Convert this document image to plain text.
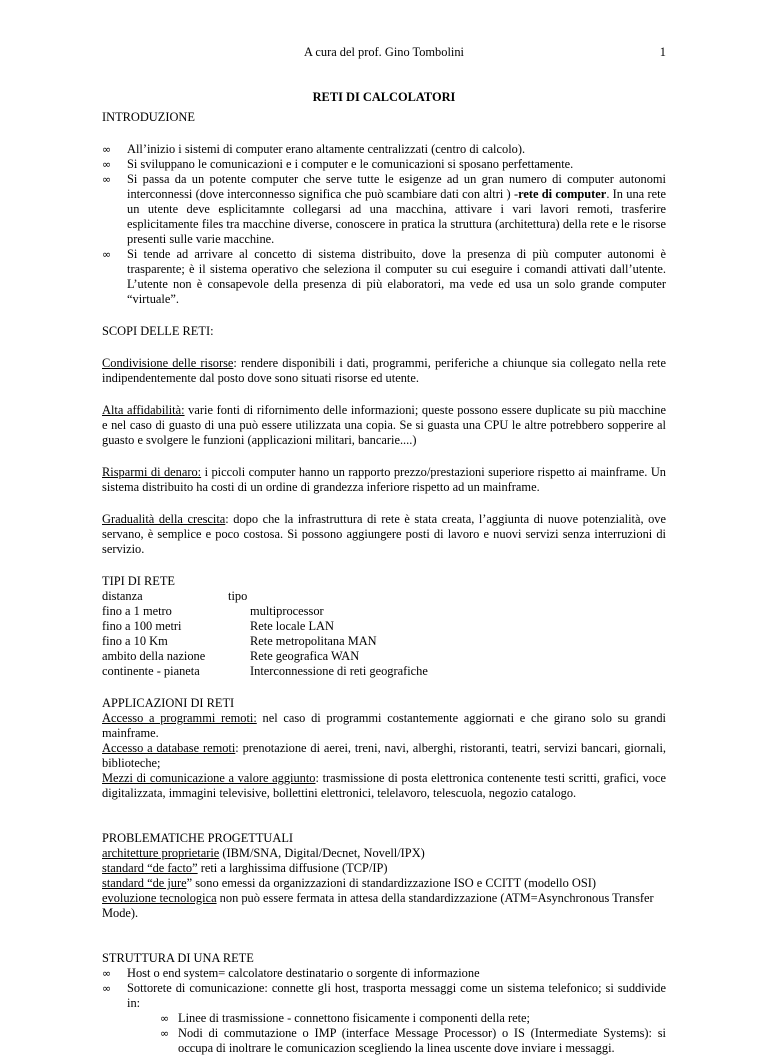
A cura del prof. Gino Tombolini	1
RETI DI CALCOLATORI

INTRODUZIONE

∞	All’inizio i sistemi di computer erano altamente centralizzati (centro di calcolo).
∞	Si sviluppano le comunicazioni e i computer e le comunicazioni si sposano perfettamente.
∞	Si passa da un potente computer che serve tutte le esigenze ad un gran numero di computer autonomi interconnessi (dove interconnesso significa che può scambiare dati con altri ) -rete di computer. In una rete un utente deve esplicitamnte collegarsi ad una macchina, attivare i vari lavori remoti, trasferire esplicitamente files tra macchine diverse, conoscere in pratica la struttura (architettura) della rete e le risorse presenti sulle varie macchine.
∞	Si tende ad arrivare al concetto di sistema distribuito, dove la presenza di più computer autonomi è trasparente; è il sistema operativo che seleziona il computer su cui eseguire i comandi attivati dall’utente. L’utente non è consapevole della presenza di più elaboratori, ma vede ed usa un solo grande computer “virtuale”.

SCOPI DELLE RETI:

Condivisione delle risorse: rendere disponibili i dati, programmi, periferiche a chiunque sia collegato nella rete indipendentemente dal posto dove sono situati risorse ed utente.

Alta affidabilità: varie fonti di rifornimento delle informazioni; queste possono essere duplicate su più macchine e nel caso di guasto di una può essere utilizzata una copia. Se si guasta una CPU le altre potrebbero sopperire al guasto e svolgere le funzioni (applicazioni militari, bancarie....)

Risparmi di denaro: i piccoli computer hanno un rapporto prezzo/prestazioni superiore rispetto ai mainframe. Un sistema distribuito ha costi di un ordine di grandezza inferiore rispetto ad un mainframe.

Gradualità della crescita: dopo che la infrastruttura di rete è stata creata, l’aggiunta di nuove potenzialità, ove servano, è semplice e poco costosa. Si possono aggiungere posti di lavoro e nuovi servizi senza interruzioni di servizio.

TIPI DI RETE

distanza	tipo
fino a 1 metro	multiprocessor
fino a 100 metri	Rete locale LAN
fino a 10 Km	Rete metropolitana MAN
ambito della nazione	Rete geografica WAN
continente - pianeta	Interconnessione di reti geografiche

APPLICAZIONI DI RETI

Accesso a programmi remoti: nel caso di programmi costantemente aggiornati e che girano solo su grandi mainframe.

Accesso a database remoti: prenotazione di aerei, treni, navi, alberghi, ristoranti, teatri, servizi bancari, giornali, biblioteche;

Mezzi di comunicazione a valore aggiunto: trasmissione di posta elettronica contenente testi scritti, grafici, voce digitalizzata, immagini televisive, bollettini elettronici, telelavoro, telescuola, negozio catalogo.

PROBLEMATICHE PROGETTUALI

architetture proprietarie (IBM/SNA, Digital/Decnet, Novell/IPX)

standard “de facto” reti a larghissima diffusione (TCP/IP)

standard “de jure” sono emessi da organizzazioni di standardizzazione ISO e CCITT (modello OSI)

evoluzione tecnologica non può essere fermata in attesa della standardizzazione (ATM=Asynchronous Transfer Mode).

STRUTTURA DI UNA RETE

∞	Host o end system= calcolatore destinatario o sorgente di informazione
∞	Sottorete di comunicazione: connette gli host, trasporta messaggi come un sistema telefonico; si suddivide in:
∞ Linee di trasmissione - connettono fisicamente i componenti della rete;
∞ Nodi di commutazione o IMP (interface Message Processor) o IS (Intermediate Systems): si occupa di inoltrare le comunicazion scegliendo la linea uscente dove inviare i messaggi.
